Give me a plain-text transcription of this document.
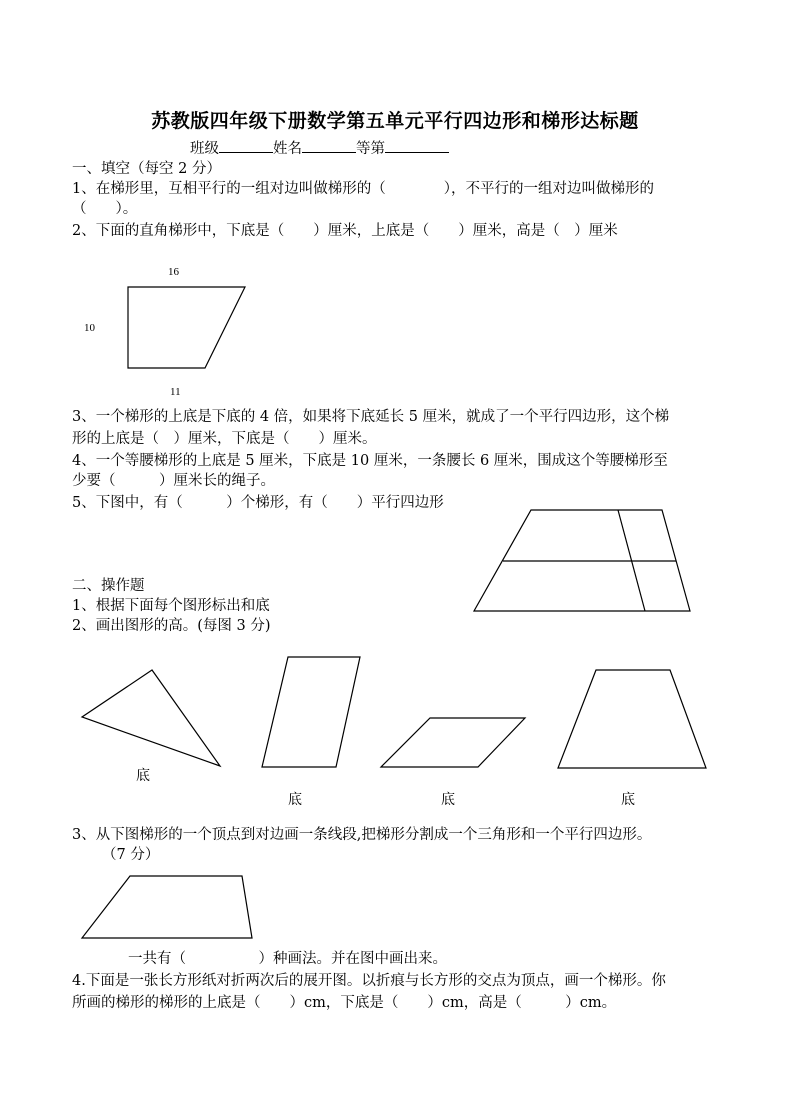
苏教版四年级下册数学第五单元平行四边形和梯形达标题
班级	姓名	等第
一、填空（每空 2 分）
1、在梯形里，互相平行的一组对边叫做梯形的（　　　　），不平行的一组对边叫做梯形的
（　　）。
2、下面的直角梯形中，下底是（　　）厘米，上底是（　　）厘米，高是（　）厘米
16
10
11
3、一个梯形的上底是下底的 4 倍，如果将下底延长 5 厘米，就成了一个平行四边形，这个梯
形的上底是（　）厘米，下底是（　　）厘米。
4、一个等腰梯形的上底是 5 厘米，下底是 10 厘米，一条腰长 6 厘米，围成这个等腰梯形至
少要（　　　）厘米长的绳子。
5、下图中，有（　　　）个梯形，有（　　）平行四边形
二、操作题
1、根据下面每个图形标出和底
2、画出图形的高。(每图 3 分)
底
底	底	底
3、从下图梯形的一个顶点到对边画一条线段,把梯形分割成一个三角形和一个平行四边形。
（7 分）
一共有（　　　　　）种画法。并在图中画出来。
4.下面是一张长方形纸对折两次后的展开图。以折痕与长方形的交点为顶点，画一个梯形。你
所画的梯形的梯形的上底是（　　）cm，下底是（　　）cm，高是（　　　）cm。
